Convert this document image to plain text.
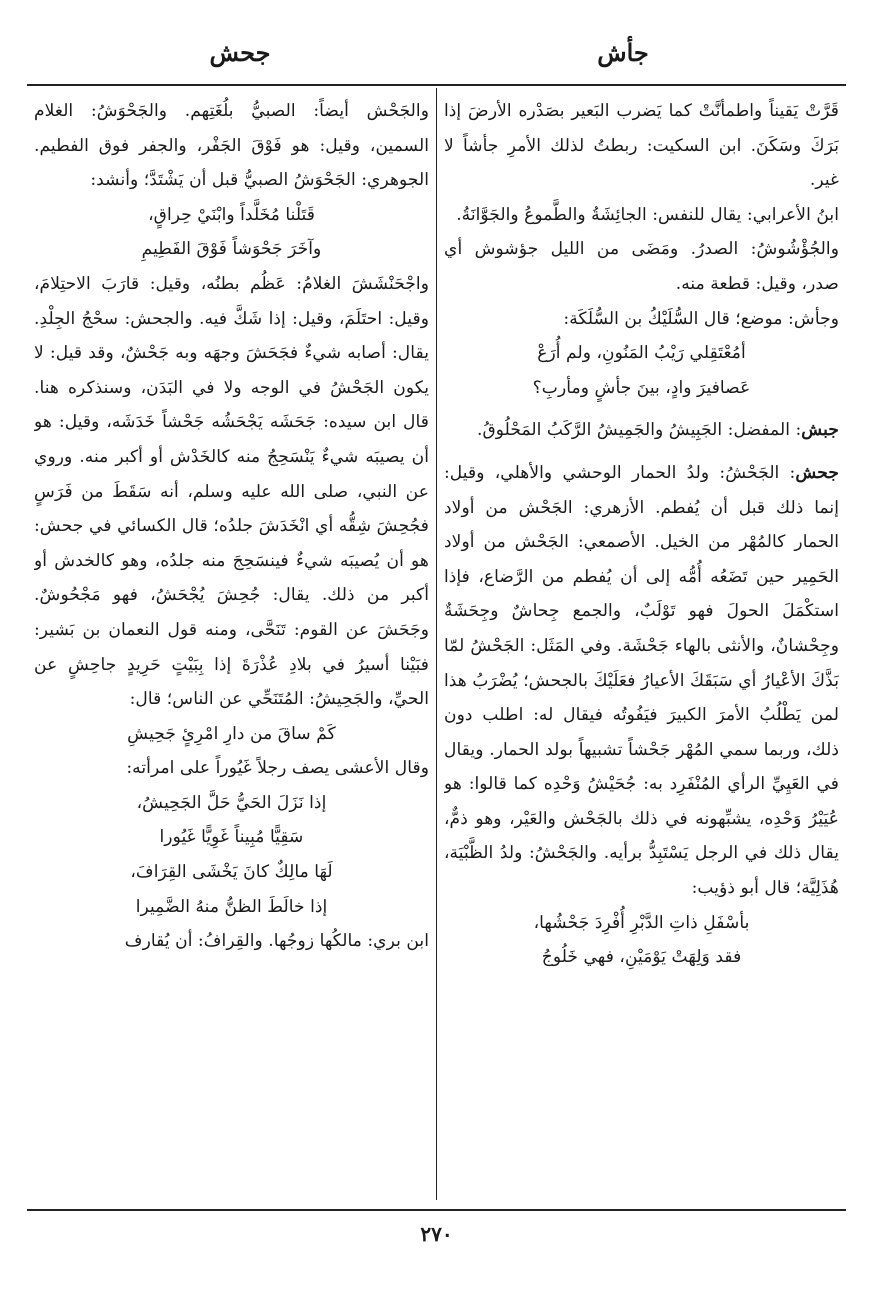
جأش
جحش

قَرَّتْ يَقيناً واطمأنَّتْ كما يَضرب البَعير بصَدْره الأرضَ إذا بَرَكَ وسَكَنَ. ابن السكيت: ربطتُ لذلك الأمرِ جأشاً لا غير.

ابنُ الأعرابي: يقال للنفس: الجائِشَةُ والطَّموعُ والجَوَّانَةُ.

والجُؤْشُوشُ: الصدرُ. ومَضَى من الليل جؤشوش أي صدر، وقيل: قطعة منه.

وجأش: موضع؛ قال السُّلَيْكُ بن السُّلَكَة:

أمُعْتَقِلي رَيْبُ المَنُونِ، ولم أُرَعْ

عَصافيرَ وادٍ، بينَ جأشٍ ومأربِ؟

جبش: المفضل: الجَبِيشُ والجَمِيشُ الرَّكَبُ المَحْلُوقُ.

جحش: الجَحْشُ: ولدُ الحمار الوحشي والأهلي، وقيل: إنما ذلك قبل أن يُفطم. الأزهري: الجَحْش من أولاد الحمار كالمُهْر من الخيل. الأصمعي: الجَحْش من أولاد الحَمِير حين تَضَعُه أُمُّه إلى أن يُفطم من الرَّضاع، فإذا استكْمَلَ الحولَ فهو تَوْلَبٌ، والجمع جِحاشٌ وجِحَشَةٌ وجِحْشانٌ، والأنثى بالهاء جَحْشَة. وفي المَثَل: الجَحْشُ لمّا بَذَّكَ الأعْيارُ أي سَبَقَكَ الأعيارُ فعَلَيْكَ بالجحش؛ يُضْرَبُ هذا لمن يَطْلُبُ الأمرَ الكبيرَ فيَفُوتُه فيقال له: اطلب دون ذلك، وربما سمي المُهْر جَحْشاً تشبيهاً بولد الحمار. ويقال في العَيِيِّ الرأي المُنْفَرِد به: جُحَيْشُ وَحْدِه كما قالوا: هو عُيَيْرُ وَحْدِه، يشبِّهونه في ذلك بالجَحْش والعَيْر، وهو ذمٌّ، يقال ذلك في الرجل يَسْتَبِدُّ برأيه. والجَحْشُ: ولدُ الظَّبْيَة، هُذَلِيَّة؛ قال أبو ذؤيب:

بأسْفَلِ ذاتِ الدَّبْرِ أُفْرِدَ جَحْشُها،

فقد وَلِهَتْ يَوْمَيْنِ، فهي خَلُوجُ

والجَحْش أيضاً: الصبيُّ بلُغَتِهم. والجَحْوَشُ: الغلام السمين، وقيل: هو فَوْقَ الجَفْر، والجفر فوق الفطيم. الجوهري: الجَحْوَشُ الصبيُّ قبل أن يَشْتَدَّ؛ وأنشد:

قَتَلْنا مُخَلَّداً وابْنَيْ حِراقٍ،

وآخَرَ جَحْوَشاً فَوْقَ الفَطِيمِ

واجْحَنْشَشَ الغلامُ: عَظُم بطنُه، وقيل: قارَبَ الاحتِلامَ، وقيل: احتَلَمَ، وقيل: إذا شَكَّ فيه. والجحش: سحْجُ الجِلْدِ. يقال: أصابه شيءٌ فجَحَشَ وجهَه وبه جَحْشٌ، وقد قيل: لا يكون الجَحْشُ في الوجه ولا في البَدَن، وسنذكره هنا. قال ابن سيده: جَحَشَه يَجْحَشُه جَحْشاً خَدَشَه، وقيل: هو أن يصيبَه شيءٌ يَنْسَحِجُ منه كالخَدْش أو أكبر منه. وروي عن النبي، صلى الله عليه وسلم، أنه سَقَطَ من فَرَسٍ فجُحِشَ شِقُّه أي انْخَدَشَ جلدُه؛ قال الكسائي في جحش: هو أن يُصيبَه شيءٌ فينسَحِجَ منه جلدُه، وهو كالخدش أو أكبر من ذلك. يقال: جُحِشَ يُجْحَشُ، فهو مَجْحُوشٌ. وجَحَشَ عن القوم: تَنَحَّى، ومنه قول النعمان بن بَشير: فبَيْنا أسيرُ في بلادِ عُذْرَةَ إذا بِبَيْتٍ حَرِيدٍ جاحِشٍ عن الحيِّ، والجَحِيشُ: المُتَنَحِّي عن الناس؛ قال:

كَمْ ساقَ من دارِ امْرِئٍ جَحِيشِ

وقال الأعشى يصف رجلاً غَيُوراً على امرأته:

إذا نَزَلَ الحَيُّ حَلَّ الجَحِيشُ،

سَقِيًّا مُبِيناً غَوِيًّا غَيُورا

لَهَا مالِكٌ كانَ يَخْشَى القِرَافَ،

إذا خالَطَ الظنُّ منهُ الضَّمِيرا

ابن بري: مالكُها زوجُها. والقِرافُ: أن يُقارف

٢٧٠
